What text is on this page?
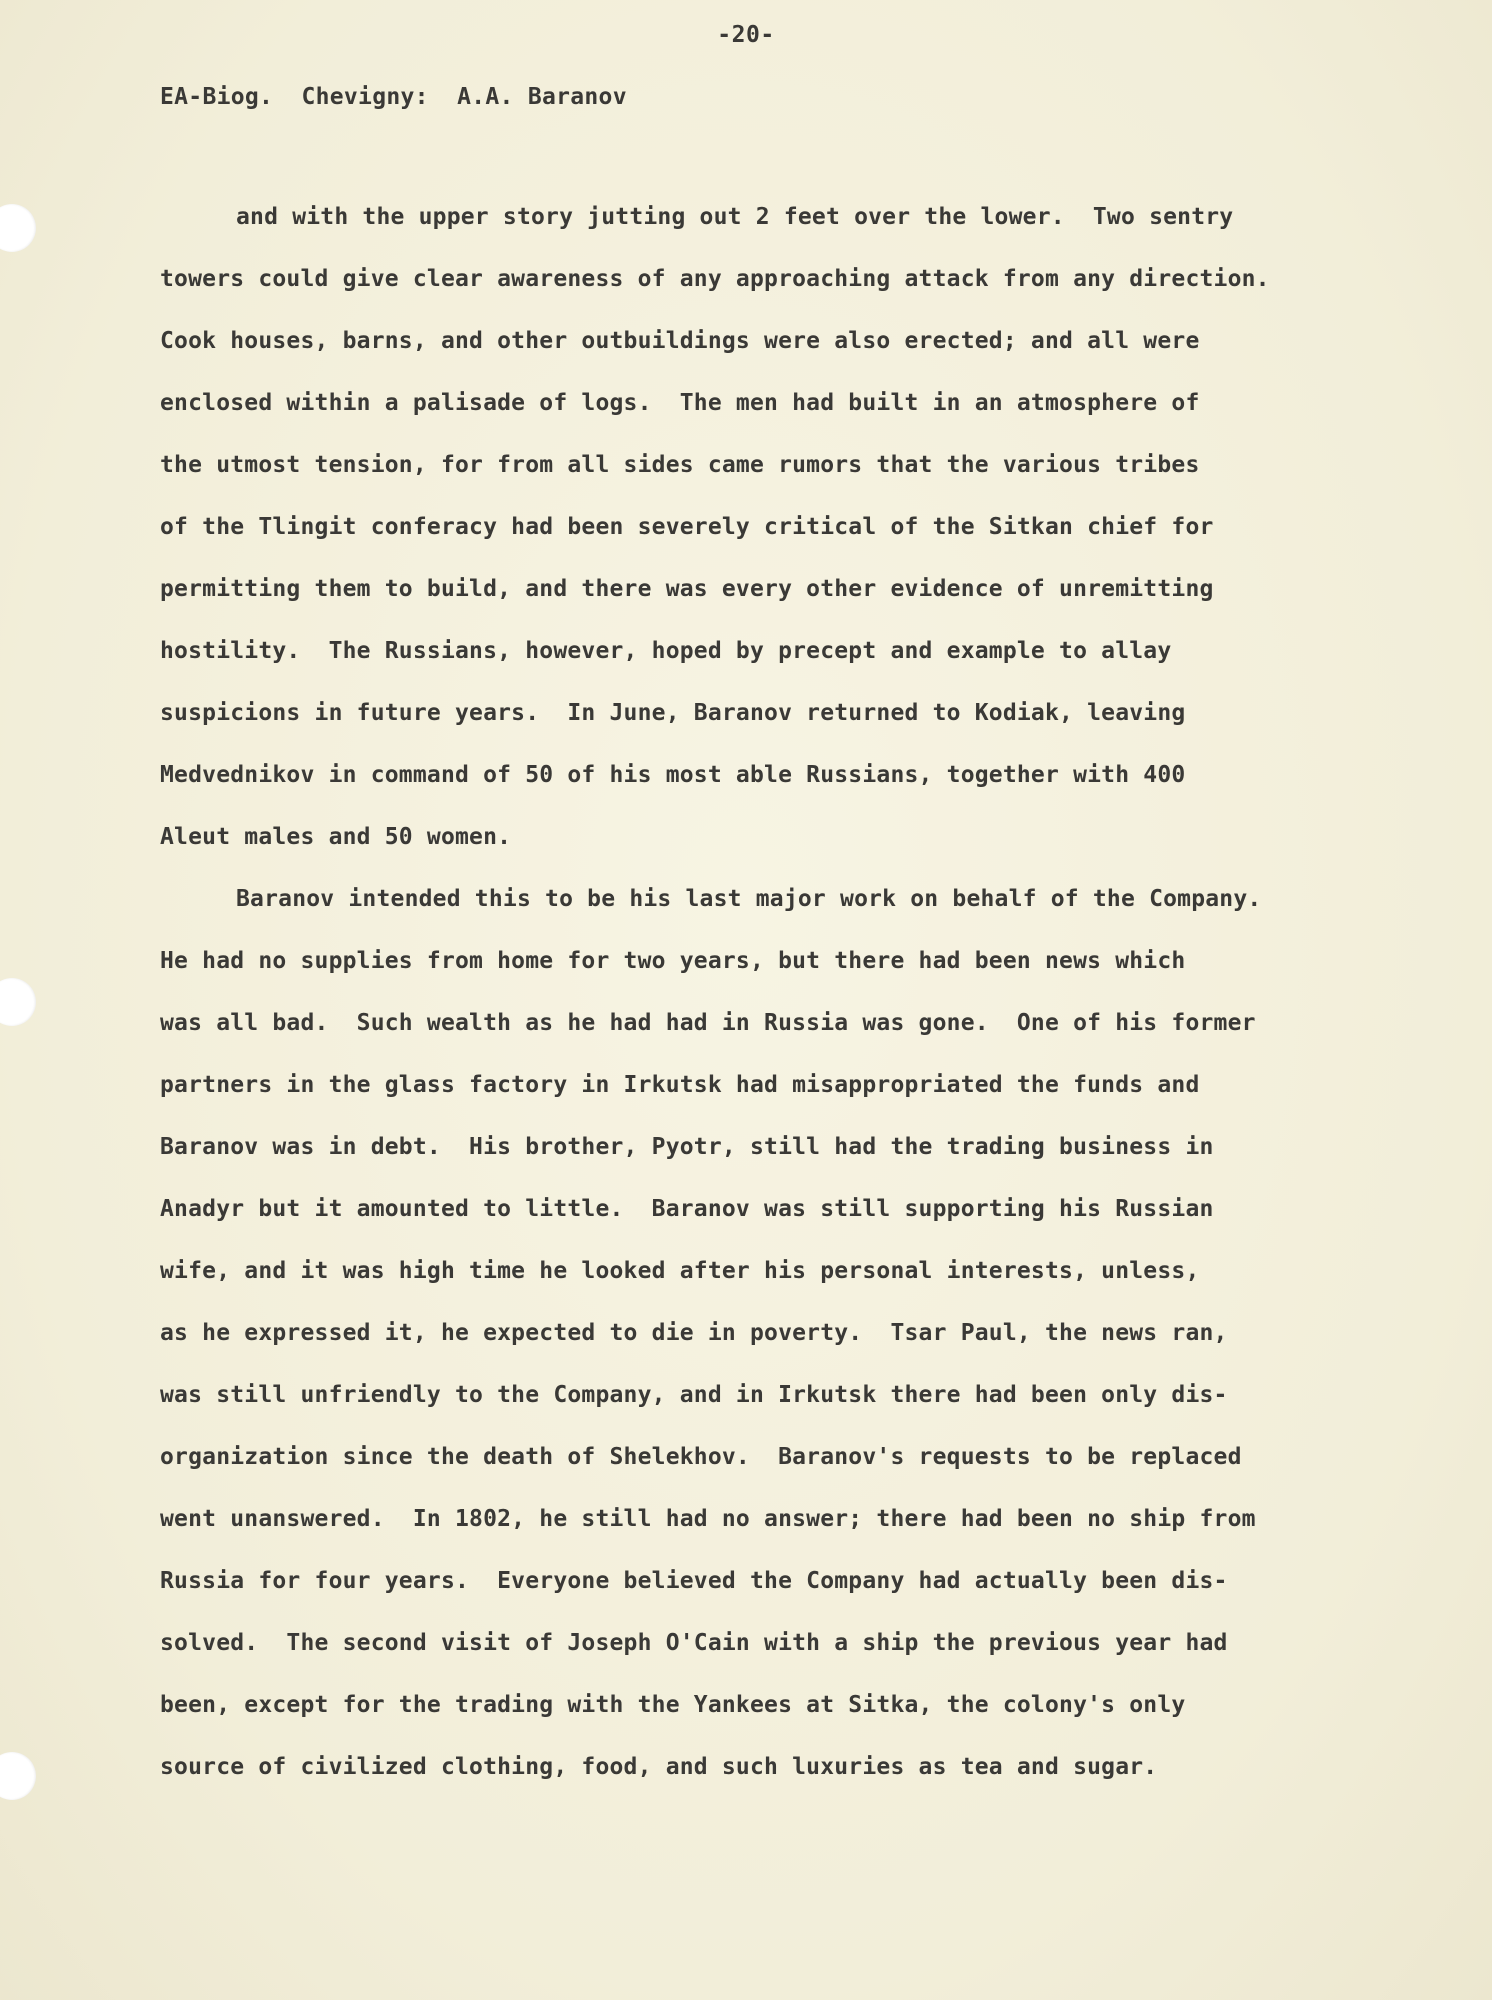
-20-
EA-Biog.  Chevigny:  A.A. Baranov
and with the upper story jutting out 2 feet over the lower.  Two sentry
towers could give clear awareness of any approaching attack from any direction.
Cook houses, barns, and other outbuildings were also erected; and all were
enclosed within a palisade of logs.  The men had built in an atmosphere of
the utmost tension, for from all sides came rumors that the various tribes
of the Tlingit conferacy had been severely critical of the Sitkan chief for
permitting them to build, and there was every other evidence of unremitting
hostility.  The Russians, however, hoped by precept and example to allay
suspicions in future years.  In June, Baranov returned to Kodiak, leaving
Medvednikov in command of 50 of his most able Russians, together with 400
Aleut males and 50 women.
Baranov intended this to be his last major work on behalf of the Company.
He had no supplies from home for two years, but there had been news which
was all bad.  Such wealth as he had had in Russia was gone.  One of his former
partners in the glass factory in Irkutsk had misappropriated the funds and
Baranov was in debt.  His brother, Pyotr, still had the trading business in
Anadyr but it amounted to little.  Baranov was still supporting his Russian
wife, and it was high time he looked after his personal interests, unless,
as he expressed it, he expected to die in poverty.  Tsar Paul, the news ran,
was still unfriendly to the Company, and in Irkutsk there had been only dis-
organization since the death of Shelekhov.  Baranov's requests to be replaced
went unanswered.  In 1802, he still had no answer; there had been no ship from
Russia for four years.  Everyone believed the Company had actually been dis-
solved.  The second visit of Joseph O'Cain with a ship the previous year had
been, except for the trading with the Yankees at Sitka, the colony's only
source of civilized clothing, food, and such luxuries as tea and sugar.
